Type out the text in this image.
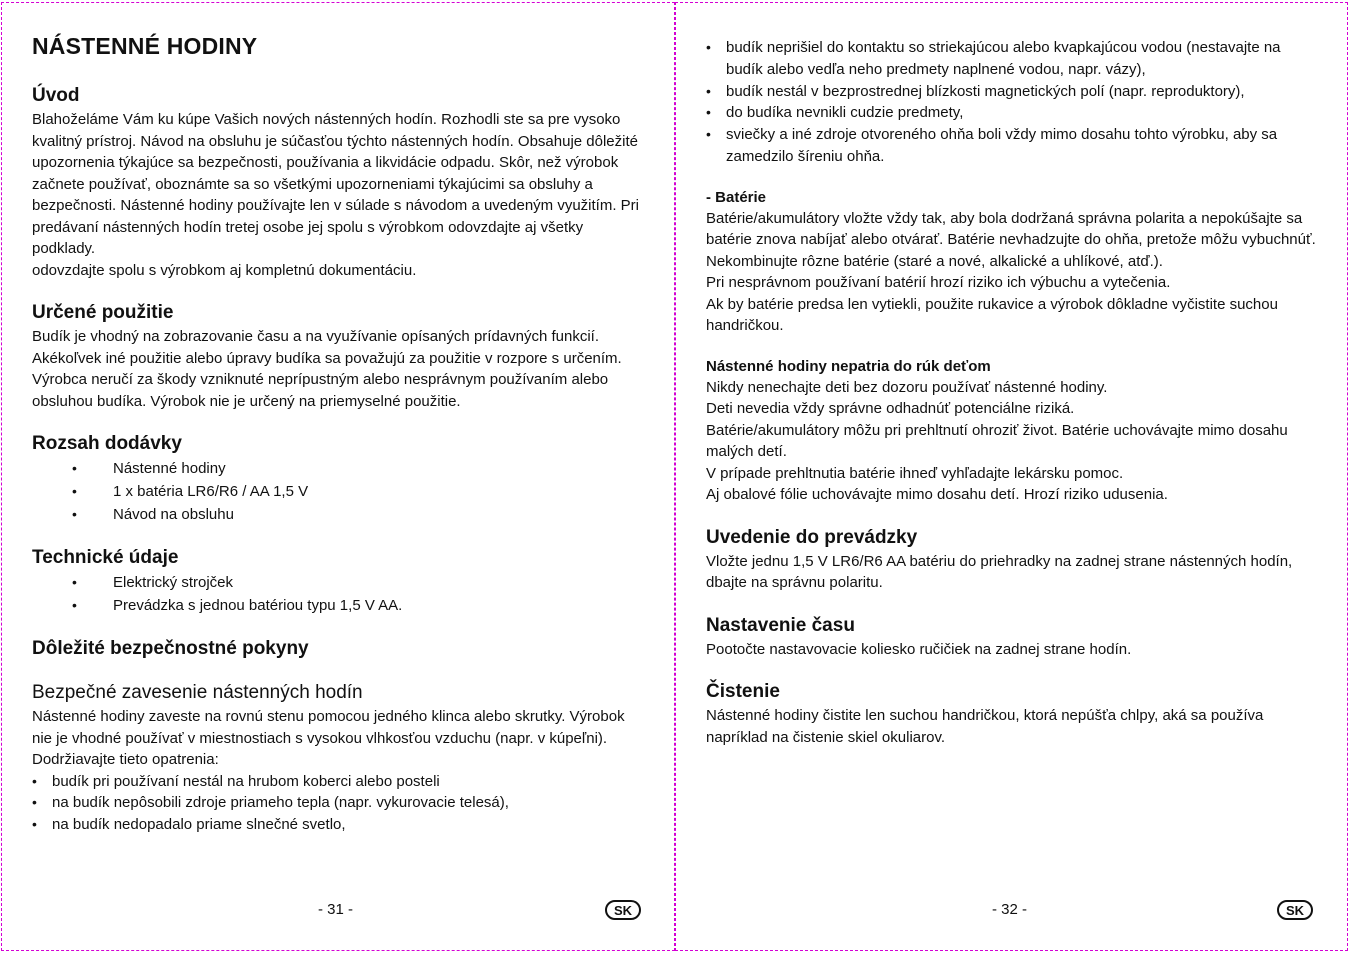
NÁSTENNÉ HODINY
Úvod

Blahoželáme Vám ku kúpe Vašich nových nástenných hodín. Rozhodli ste sa pre vysoko kvalitný prístroj. Návod na obsluhu je súčasťou týchto nástenných hodín. Obsahuje dôležité upozornenia týkajúce sa bezpečnosti, používania a likvidácie odpadu. Skôr, než výrobok začnete používať, oboznámte sa so všetkými upozorneniami týkajúcimi sa obsluhy a bezpečnosti. Nástenné hodiny používajte len v súlade s návodom a uvedeným využitím. Pri predávaní nástenných hodín tretej osobe jej spolu s výrobkom odovzdajte aj všetky podklady.

odovzdajte spolu s výrobkom aj kompletnú dokumentáciu.

Určené použitie

Budík je vhodný na zobrazovanie času a na využívanie opísaných prídavných funkcií. Akékoľvek iné použitie alebo úpravy budíka sa považujú za použitie v rozpore s určením. Výrobca neručí za škody vzniknuté neprípustným alebo nesprávnym používaním alebo obsluhou budíka. Výrobok nie je určený na priemyselné použitie.

Rozsah dodávky
• Nástenné hodiny
• 1 x batéria LR6/R6 / AA 1,5 V
• Návod na obsluhu
Technické údaje
• Elektrický strojček
• Prevádzka s jednou batériou typu 1,5 V AA.
Dôležité bezpečnostné pokyny
Bezpečné zavesenie nástenných hodín

Nástenné hodiny zaveste na rovnú stenu pomocou jedného klinca alebo skrutky. Výrobok nie je vhodné používať v miestnostiach s vysokou vlhkosťou vzduchu (napr. v kúpeľni). Dodržiavajte tieto opatrenia:

• budík pri používaní nestál na hrubom koberci alebo posteli
• na budík nepôsobili zdroje priameho tepla (napr. vykurovacie telesá),
• na budík nedopadalo priame slnečné svetlo,
- 31 -	SK
• budík neprišiel do kontaktu so striekajúcou alebo kvapkajúcou vodou (nestavajte na budík alebo vedľa neho predmety naplnené vodou, napr. vázy),
• budík nestál v bezprostrednej blízkosti magnetických polí (napr. reproduktory),
• do budíka nevnikli cudzie predmety,
• sviečky a iné zdroje otvoreného ohňa boli vždy mimo dosahu tohto výrobku, aby sa zamedzilo šíreniu ohňa.
- Batérie

Batérie/akumulátory vložte vždy tak, aby bola dodržaná správna polarita a nepokúšajte sa batérie znova nabíjať alebo otvárať. Batérie nevhadzujte do ohňa, pretože môžu vybuchnúť. Nekombinujte rôzne batérie (staré a nové, alkalické a uhlíkové, atď.).

Pri nesprávnom používaní batérií hrozí riziko ich výbuchu a vytečenia.

Ak by batérie predsa len vytiekli, použite rukavice a výrobok dôkladne vyčistite suchou handričkou.

Nástenné hodiny nepatria do rúk deťom

Nikdy nenechajte deti bez dozoru používať nástenné hodiny.

Deti nevedia vždy správne odhadnúť potenciálne riziká.

Batérie/akumulátory môžu pri prehltnutí ohroziť život. Batérie uchovávajte mimo dosahu malých detí.

V prípade prehltnutia batérie ihneď vyhľadajte lekársku pomoc.

Aj obalové fólie uchovávajte mimo dosahu detí. Hrozí riziko udusenia.

Uvedenie do prevádzky

Vložte jednu 1,5 V LR6/R6 AA batériu do priehradky na zadnej strane nástenných hodín, dbajte na správnu polaritu.

Nastavenie času

Pootočte nastavovacie koliesko ručičiek na zadnej strane hodín.

Čistenie

Nástenné hodiny čistite len suchou handričkou, ktorá nepúšťa chlpy, aká sa používa napríklad na čistenie skiel okuliarov.

- 32 -	SK
